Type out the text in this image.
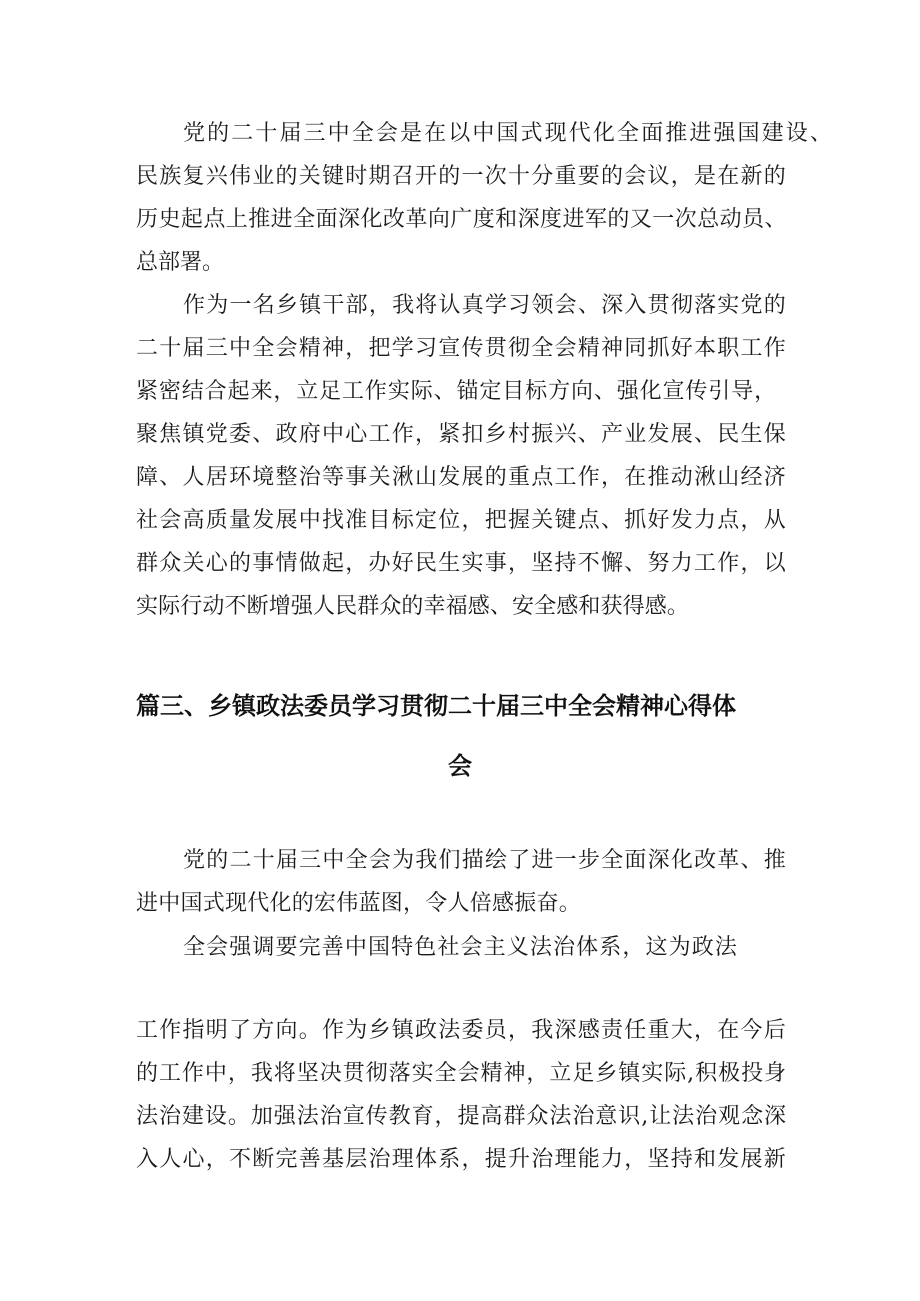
党的二十届三中全会是在以中国式现代化全面推进强国建设、

民族复兴伟业的关键时期召开的一次十分重要的会议，是在新的

历史起点上推进全面深化改革向广度和深度进军的又一次总动员、

总部署。

作为一名乡镇干部，我将认真学习领会、深入贯彻落实党的

二十届三中全会精神，把学习宣传贯彻全会精神同抓好本职工作

紧密结合起来，立足工作实际、锚定目标方向、强化宣传引导，

聚焦镇党委、政府中心工作，紧扣乡村振兴、产业发展、民生保

障、人居环境整治等事关湫山发展的重点工作，在推动湫山经济

社会高质量发展中找准目标定位，把握关键点、抓好发力点，从

群众关心的事情做起，办好民生实事，坚持不懈、努力工作，以

实际行动不断增强人民群众的幸福感、安全感和获得感。

篇三、乡镇政法委员学习贯彻二十届三中全会精神心得体
会

党的二十届三中全会为我们描绘了进一步全面深化改革、推

进中国式现代化的宏伟蓝图，令人倍感振奋。

全会强调要完善中国特色社会主义法治体系，这为政法

工作指明了方向。作为乡镇政法委员，我深感责任重大，在今后

的工作中，我将坚决贯彻落实全会精神，立足乡镇实际,积极投身

法治建设。加强法治宣传教育，提高群众法治意识,让法治观念深

入人心，不断完善基层治理体系，提升治理能力，坚持和发展新
